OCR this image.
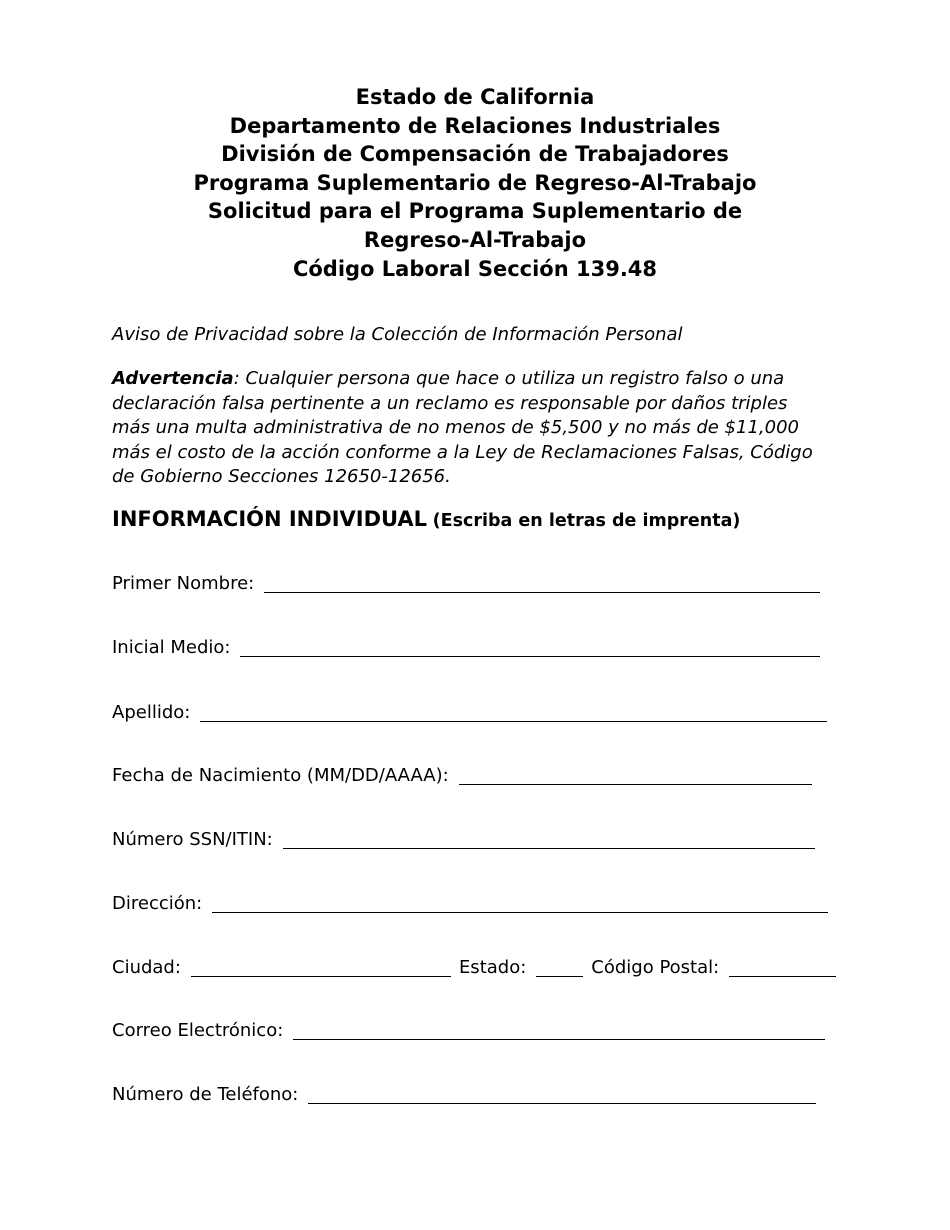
Estado de California
Departamento de Relaciones Industriales
División de Compensación de Trabajadores
Programa Suplementario de Regreso-Al-Trabajo
Solicitud para el Programa Suplementario de
Regreso-Al-Trabajo
Código Laboral Sección 139.48
Aviso de Privacidad sobre la Colección de Información Personal
Advertencia: Cualquier persona que hace o utiliza un registro falso o una
declaración falsa pertinente a un reclamo es responsable por daños triples
más una multa administrativa de no menos de $5,500 y no más de $11,000
más el costo de la acción conforme a la Ley de Reclamaciones Falsas, Código
de Gobierno Secciones 12650-12656.
INFORMACIÓN INDIVIDUAL (Escriba en letras de imprenta)
Primer Nombre:
Inicial Medio:
Apellido:
Fecha de Nacimiento (MM/DD/AAAA):
Número SSN/ITIN:
Dirección:
Ciudad:	Estado:	Código Postal:
Correo Electrónico:
Número de Teléfono:
